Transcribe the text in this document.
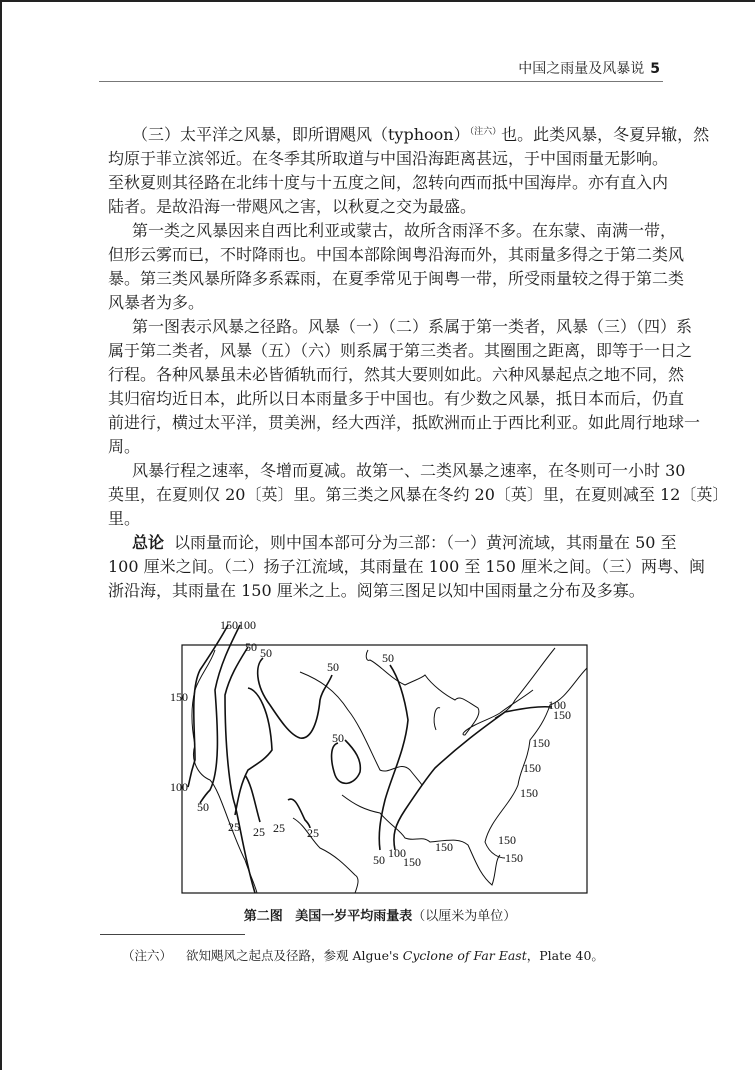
中国之雨量及风暴说 5
（三）太平洋之风暴，即所谓飓风（typhoon）$^{(注六)}$也。此类风暴，冬夏异辙，然
均原于菲立滨邻近。在冬季其所取道与中国沿海距离甚远，于中国雨量无影响。
至秋夏则其径路在北纬十度与十五度之间，忽转向西而抵中国海岸。亦有直入内
陆者。是故沿海一带飓风之害，以秋夏之交为最盛。
第一类之风暴因来自西比利亚或蒙古，故所含雨泽不多。在东蒙、南满一带，
但形云雾而已，不时降雨也。中国本部除闽粤沿海而外，其雨量多得之于第二类风
暴。第三类风暴所降多系霖雨，在夏季常见于闽粤一带，所受雨量较之得于第二类
风暴者为多。
第一图表示风暴之径路。风暴（一）（二）系属于第一类者，风暴（三）（四）系
属于第二类者，风暴（五）（六）则系属于第三类者。其圈围之距离，即等于一日之
行程。各种风暴虽未必皆循轨而行，然其大要则如此。六种风暴起点之地不同，然
其归宿均近日本，此所以日本雨量多于中国也。有少数之风暴，抵日本而后，仍直
前进行，横过太平洋，贯美洲，经大西洋，抵欧洲而止于西比利亚。如此周行地球一
周。
风暴行程之速率，冬增而夏减。故第一、二类风暴之速率，在冬则可一小时 30
英里，在夏则仅 20〔英〕里。第三类之风暴在冬约 20〔英〕里，在夏则减至 12〔英〕
里。
总论 以雨量而论，则中国本部可分为三部：（一）黄河流域，其雨量在 50 至
100 厘米之间。（二）扬子江流域，其雨量在 100 至 150 厘米之间。（三）两粤、闽
浙沿海，其雨量在 150 厘米之上。阅第三图足以知中国雨量之分布及多寡。
150100
50 50
50
50
150
100
150
150
50
150
150
100
50
25 25 25 25	150
150
150
100
50 150
第二图 美国一岁平均雨量表（以厘米为单位）
（注六） 欲知飓风之起点及径路，参观 Algue's Cyclone of Far East，Plate 40。
